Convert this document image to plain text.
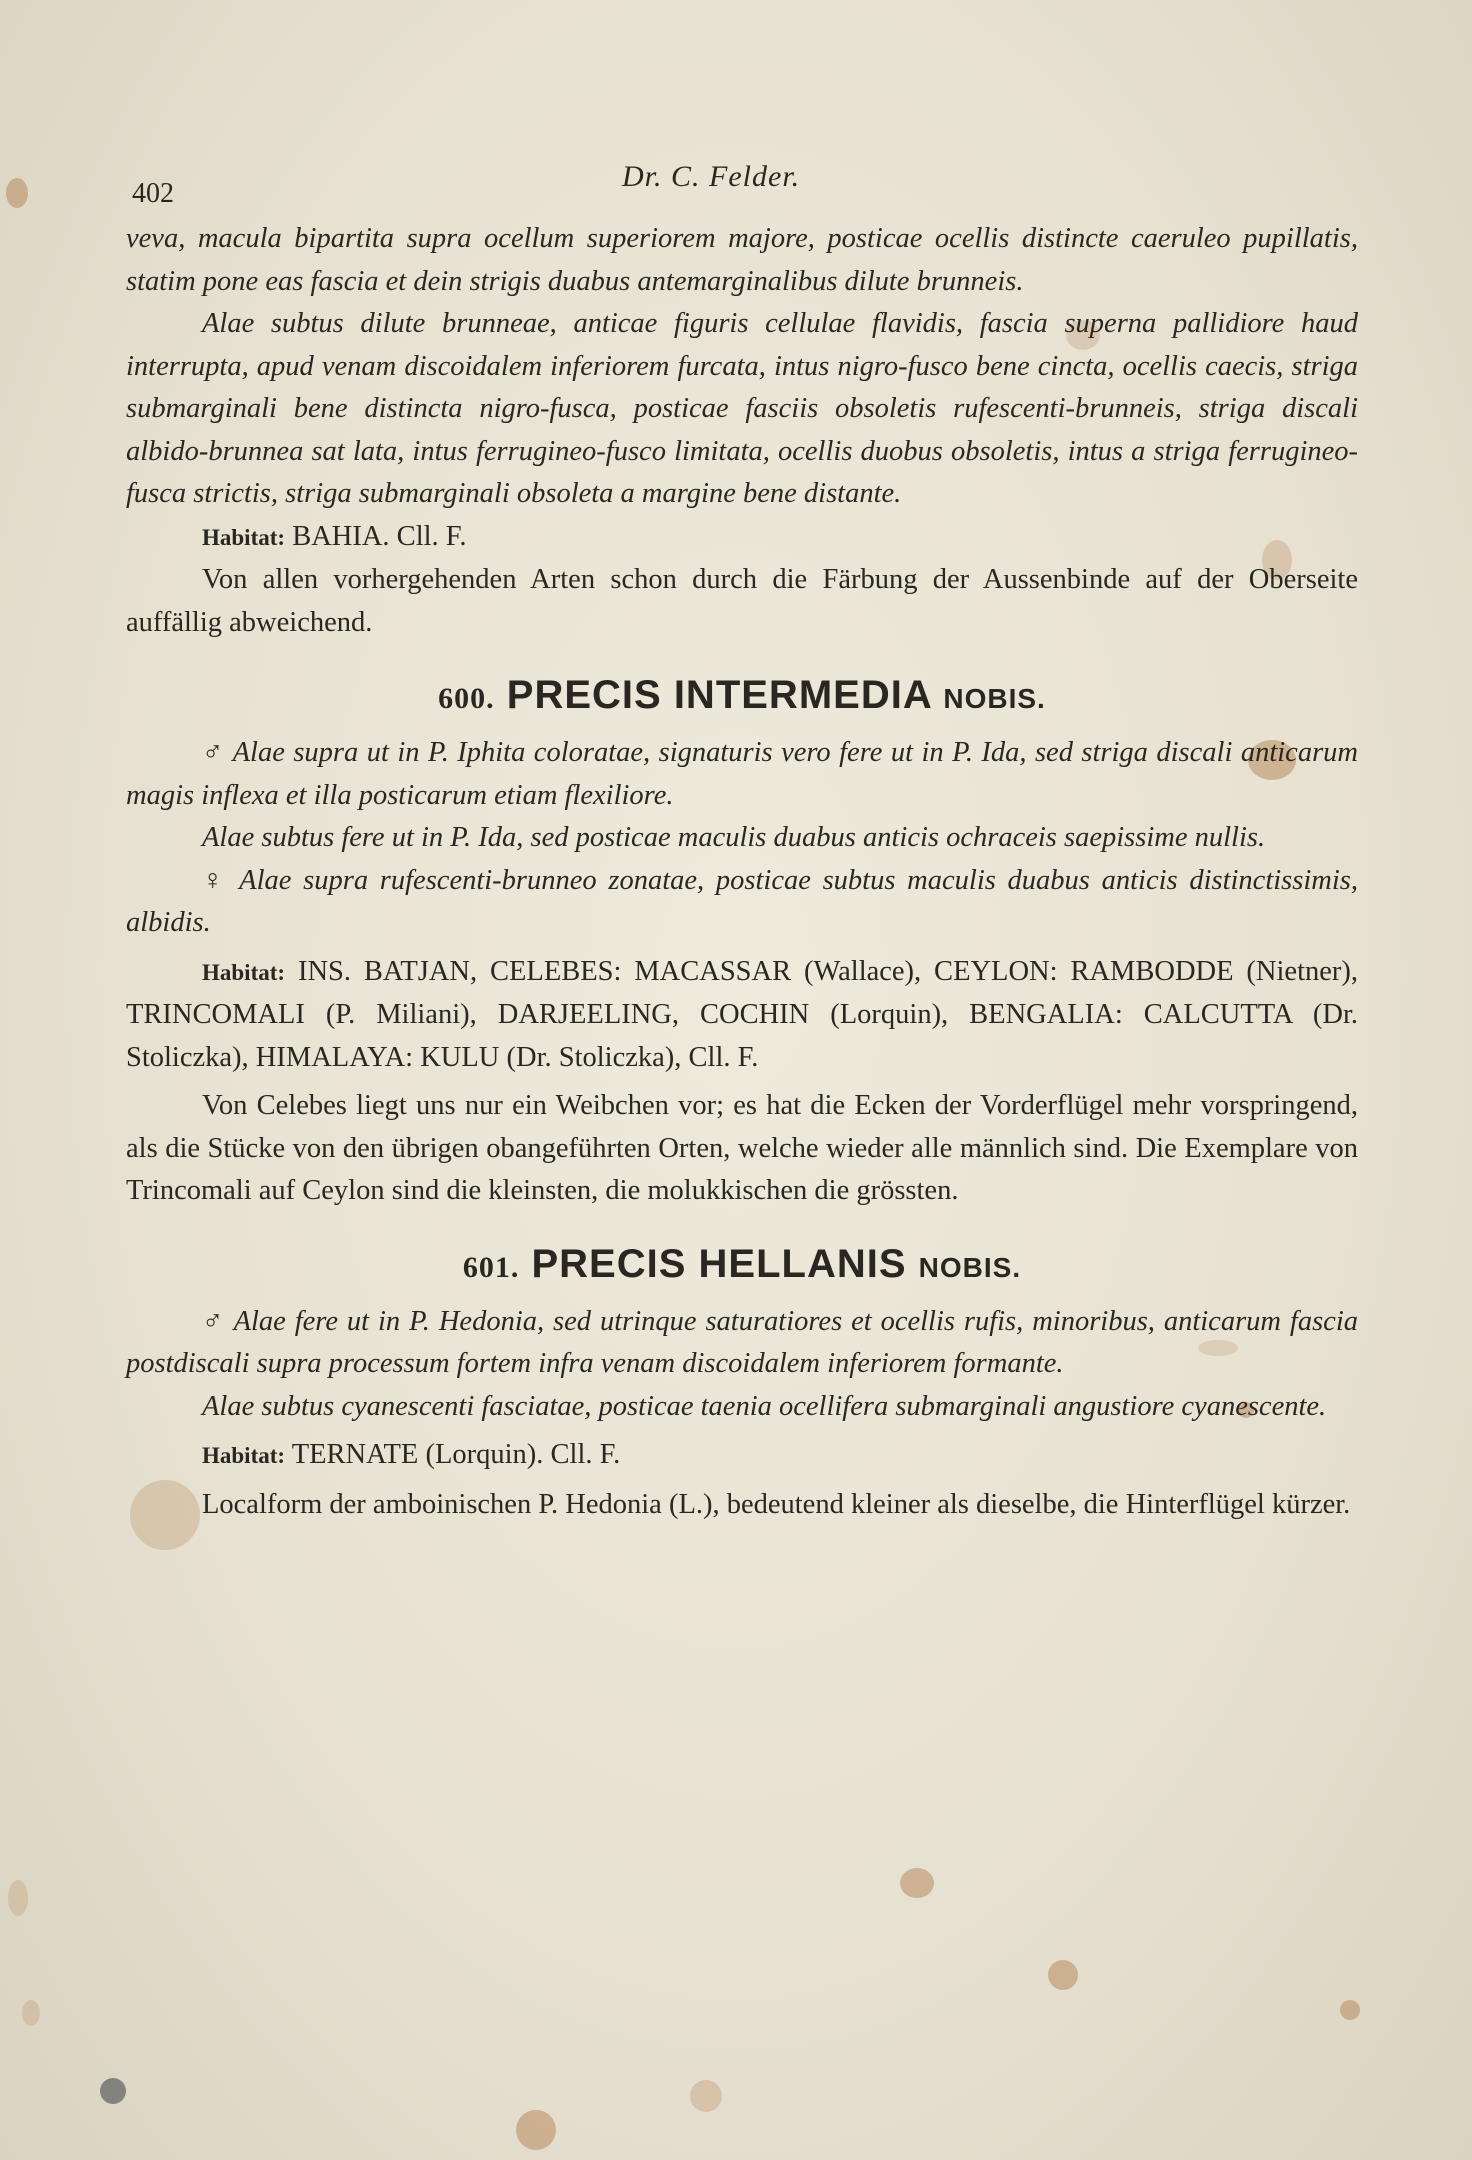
402
Dr. C. Felder.

veva, macula bipartita supra ocellum superiorem majore, posticae ocellis distincte caeruleo pupillatis, statim pone eas fascia et dein strigis duabus antemarginalibus dilute brunneis.

Alae subtus dilute brunneae, anticae figuris cellulae flavidis, fascia superna pallidiore haud interrupta, apud venam discoidalem inferiorem furcata, intus nigro-fusco bene cincta, ocellis caecis, striga submarginali bene distincta nigro-fusca, posticae fasciis obsoletis rufescenti-brunneis, striga discali albido-brunnea sat lata, intus ferrugineo-fusco limitata, ocellis duobus obsoletis, intus a striga ferrugineo-fusca strictis, striga submarginali obsoleta a margine bene distante.

Habitat: BAHIA. Cll. F.

Von allen vorhergehenden Arten schon durch die Färbung der Aussenbinde auf der Oberseite auffällig abweichend.

600. PRECIS INTERMEDIA NOBIS.

♂ Alae supra ut in P. Iphita coloratae, signaturis vero fere ut in P. Ida, sed striga discali anticarum magis inflexa et illa posticarum etiam flexiliore.

Alae subtus fere ut in P. Ida, sed posticae maculis duabus anticis ochraceis saepissime nullis.

♀ Alae supra rufescenti-brunneo zonatae, posticae subtus maculis duabus anticis distinctissimis, albidis.

Habitat: INS. BATJAN, CELEBES: MACASSAR (Wallace), CEYLON: RAMBODDE (Nietner), TRINCOMALI (P. Miliani), DARJEELING, COCHIN (Lorquin), BENGALIA: CALCUTTA (Dr. Stoliczka), HIMALAYA: KULU (Dr. Stoliczka), Cll. F.

Von Celebes liegt uns nur ein Weibchen vor; es hat die Ecken der Vorderflügel mehr vorspringend, als die Stücke von den übrigen obangeführten Orten, welche wieder alle männlich sind. Die Exemplare von Trincomali auf Ceylon sind die kleinsten, die molukkischen die grössten.

601. PRECIS HELLANIS NOBIS.

♂ Alae fere ut in P. Hedonia, sed utrinque saturatiores et ocellis rufis, minoribus, anticarum fascia postdiscali supra processum fortem infra venam discoidalem inferiorem formante.

Alae subtus cyanescenti fasciatae, posticae taenia ocellifera submarginali angustiore cyanescente.

Habitat: TERNATE (Lorquin). Cll. F.

Localform der amboinischen P. Hedonia (L.), bedeutend kleiner als dieselbe, die Hinterflügel kürzer.
